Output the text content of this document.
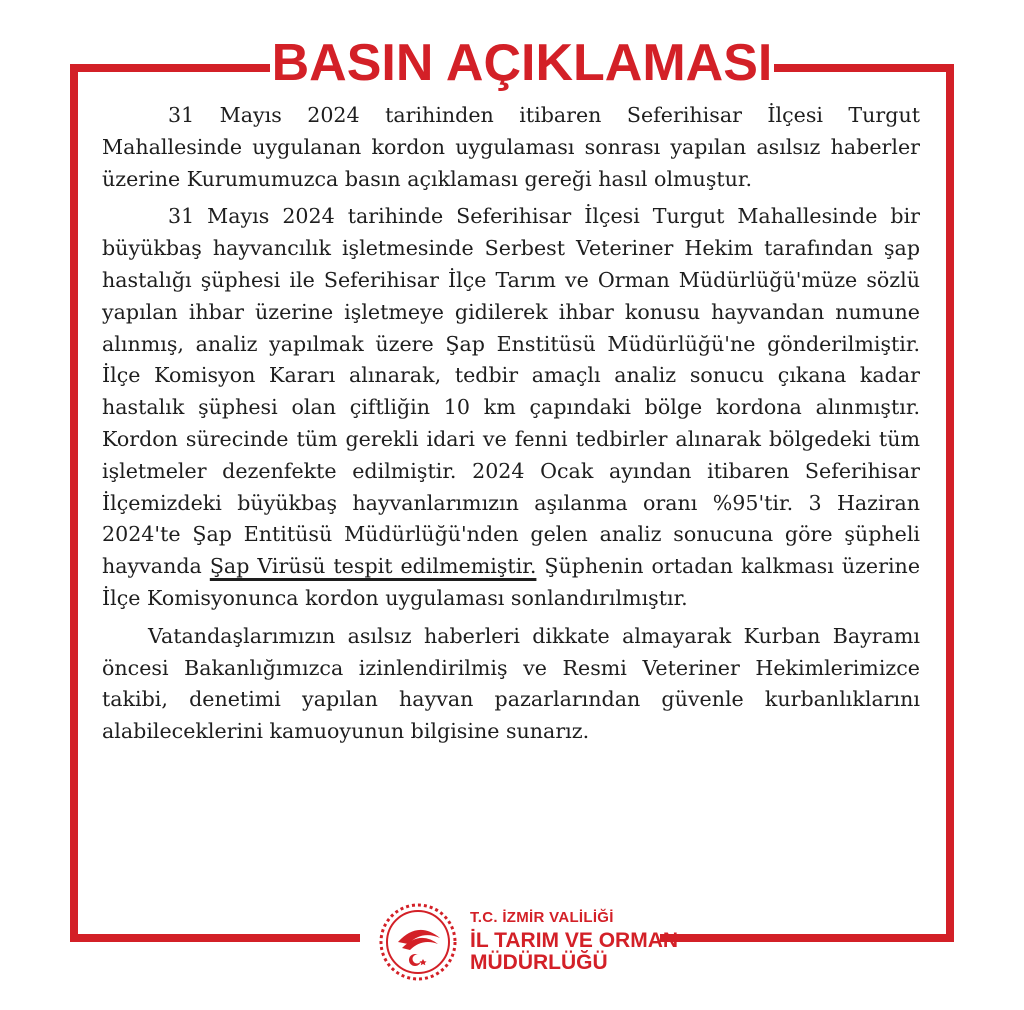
BASIN AÇIKLAMASI

31 Mayıs 2024 tarihinden itibaren Seferihisar İlçesi Turgut Mahallesinde uygulanan kordon uygulaması sonrası yapılan asılsız haberler üzerine Kurumumuzca basın açıklaması gereği hasıl olmuştur.

31 Mayıs 2024 tarihinde Seferihisar İlçesi Turgut Mahallesinde bir büyükbaş hayvancılık işletmesinde Serbest Veteriner Hekim tarafından şap hastalığı şüphesi ile Seferihisar İlçe Tarım ve Orman Müdürlüğü'müze sözlü yapılan ihbar üzerine işletmeye gidilerek ihbar konusu hayvandan numune alınmış, analiz yapılmak üzere Şap Enstitüsü Müdürlüğü'ne gönderilmiştir. İlçe Komisyon Kararı alınarak, tedbir amaçlı analiz sonucu çıkana kadar hastalık şüphesi olan çiftliğin 10 km çapındaki bölge kordona alınmıştır. Kordon sürecinde tüm gerekli idari ve fenni tedbirler alınarak bölgedeki tüm işletmeler dezenfekte edilmiştir. 2024 Ocak ayından itibaren Seferihisar İlçemizdeki büyükbaş hayvanlarımızın aşılanma oranı %95'tir. 3 Haziran 2024'te Şap Entitüsü Müdürlüğü'nden gelen analiz sonucuna göre şüpheli hayvanda Şap Virüsü tespit edilmemiştir. Şüphenin ortadan kalkması üzerine İlçe Komisyonunca kordon uygulaması sonlandırılmıştır.

Vatandaşlarımızın asılsız haberleri dikkate almayarak Kurban Bayramı öncesi Bakanlığımızca izinlendirilmiş ve Resmi Veteriner Hekimlerimizce takibi, denetimi yapılan hayvan pazarlarından güvenle kurbanlıklarını alabileceklerini kamuoyunun bilgisine sunarız.

T.C. İZMİR VALİLİĞİ
İL TARIM VE ORMAN
MÜDÜRLÜĞÜ
